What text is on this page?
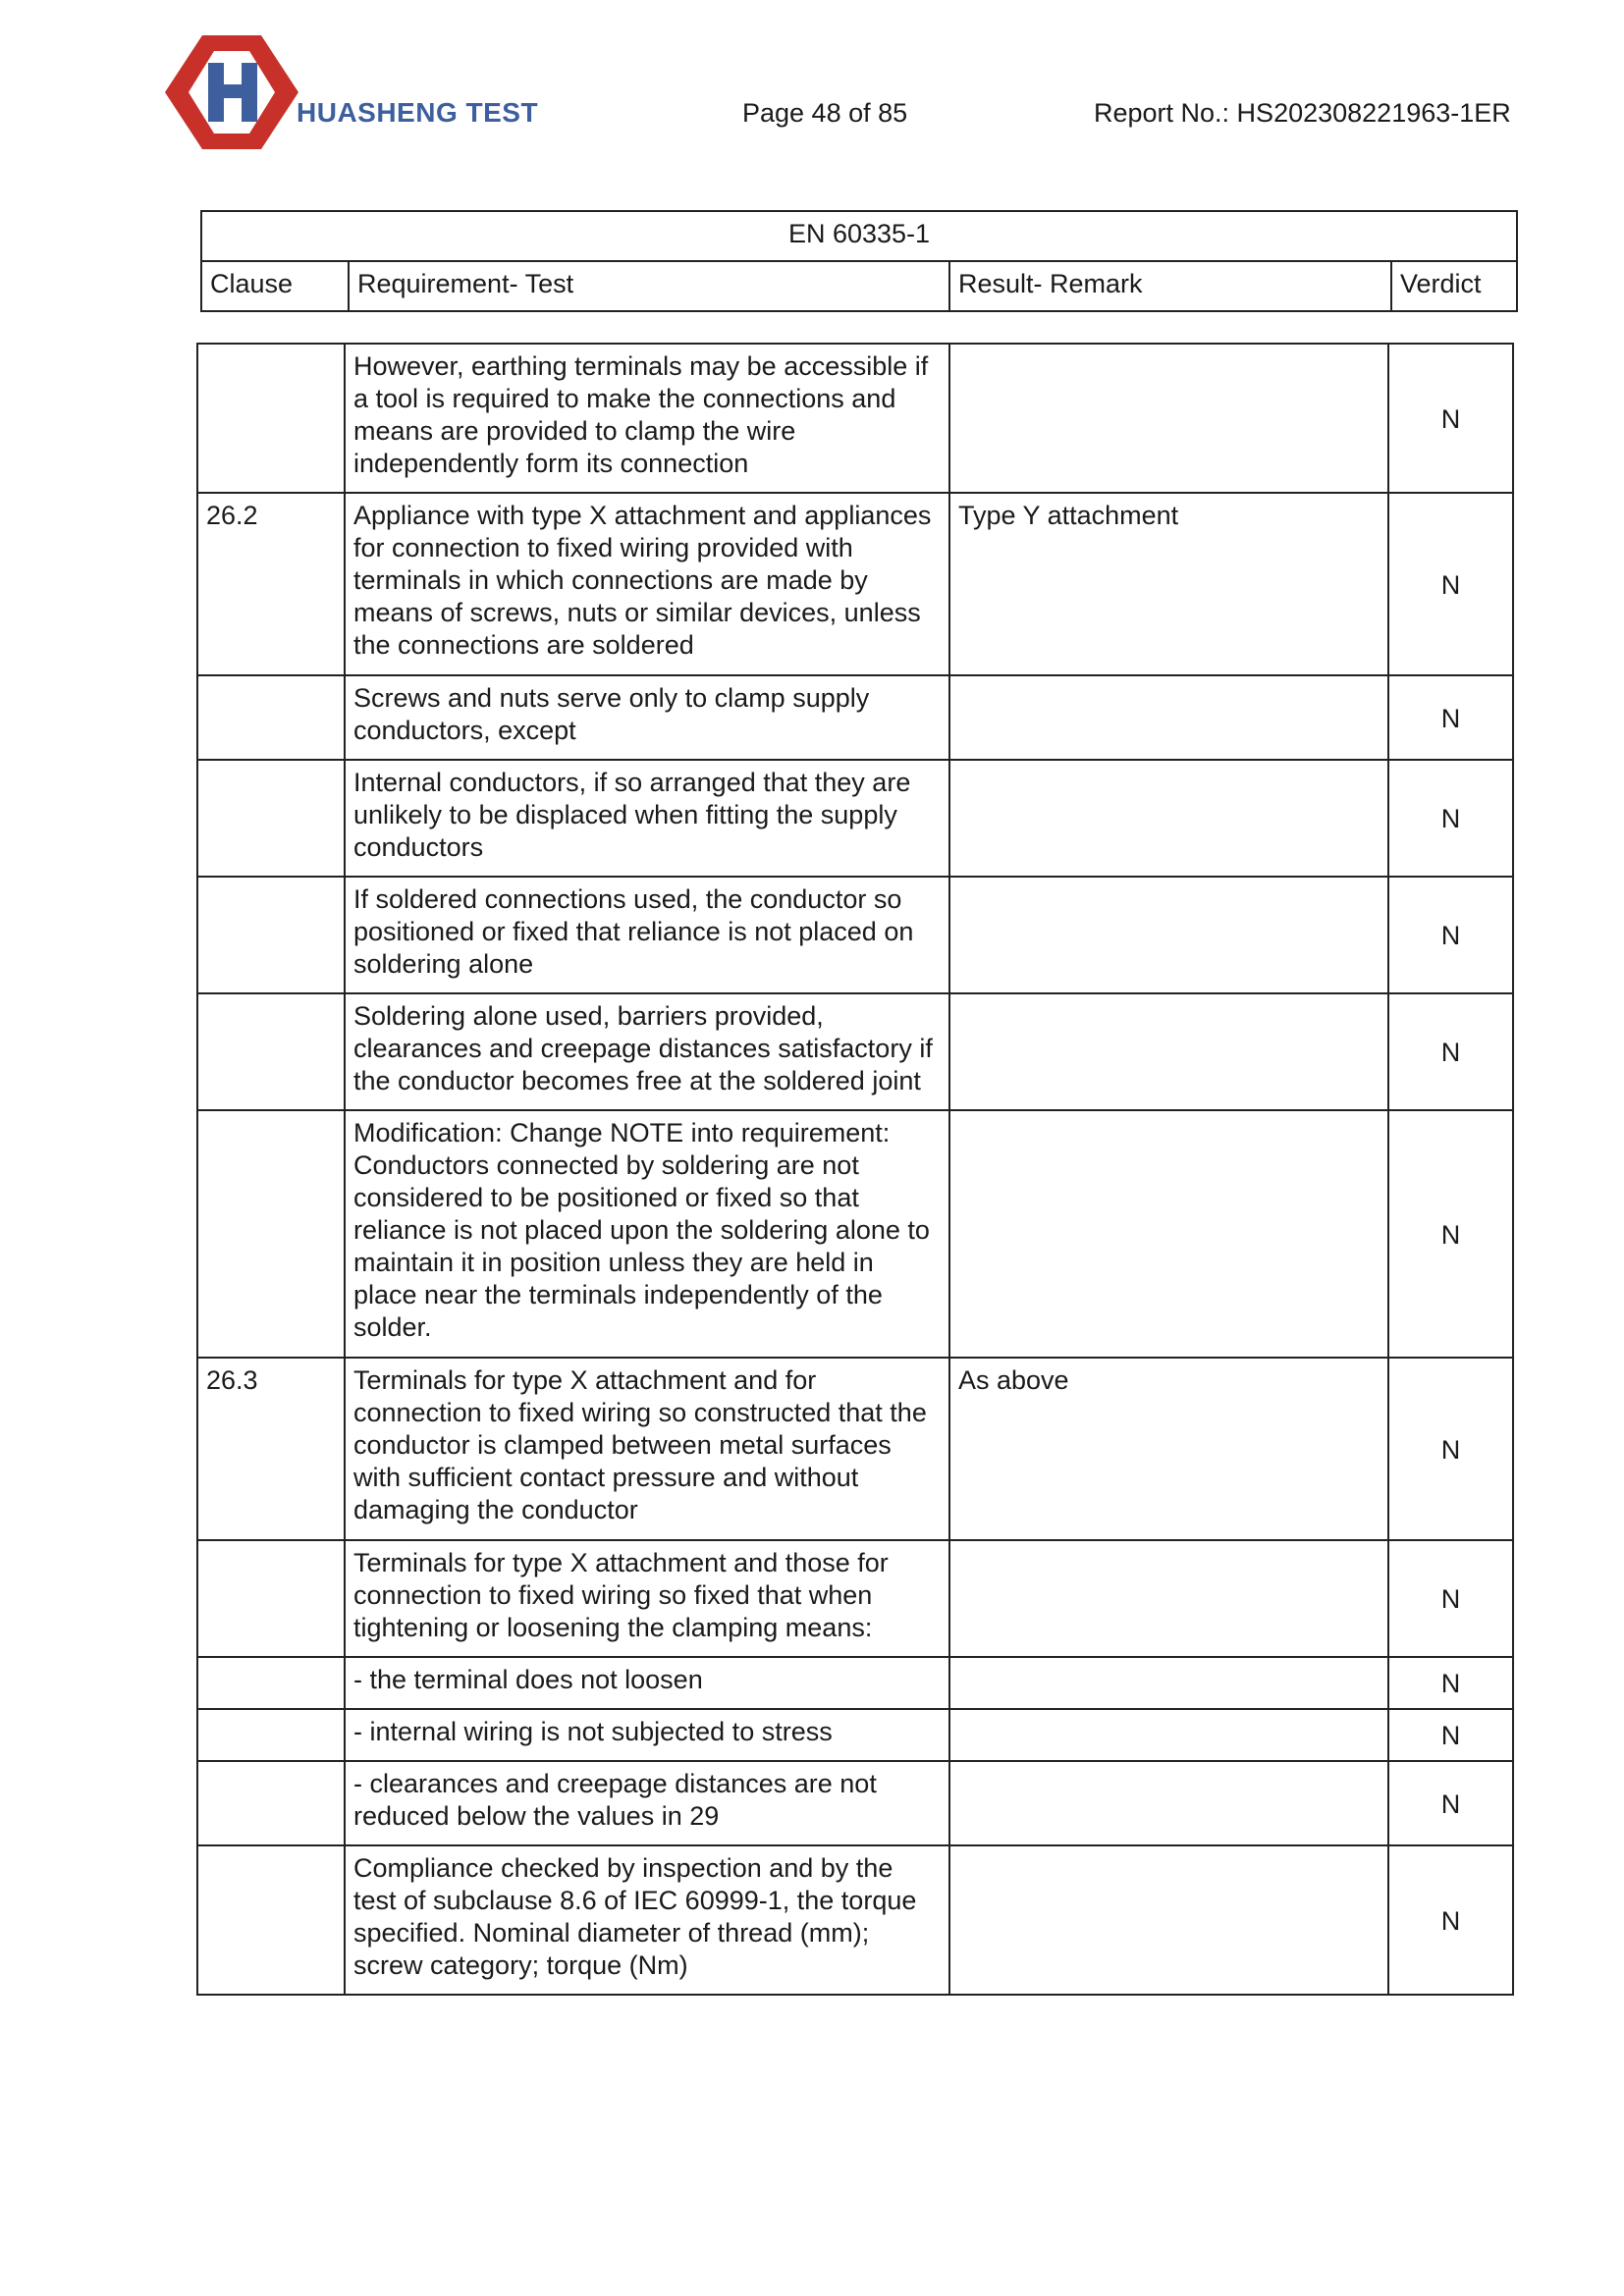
HUASHENG TEST	Page 48 of 85	Report No.: HS202308221963-1ER
EN 60335-1
Clause	Requirement- Test	Result- Remark	Verdict
	However, earthing terminals may be accessible if a tool is required to make the connections and means are provided to clamp the wire independently form its connection		N
26.2	Appliance with type X attachment and appliances for connection to fixed wiring provided with terminals in which connections are made by means of screws, nuts or similar devices, unless the connections are soldered	Type Y attachment	N
	Screws and nuts serve only to clamp supply conductors, except		N
	Internal conductors, if so arranged that they are unlikely to be displaced when fitting the supply conductors		N
	If soldered connections used, the conductor so positioned or fixed that reliance is not placed on soldering alone		N
	Soldering alone used, barriers provided, clearances and creepage distances satisfactory if the conductor becomes free at the soldered joint		N
	Modification: Change NOTE into requirement: Conductors connected by soldering are not considered to be positioned or fixed so that reliance is not placed upon the soldering alone to maintain it in position unless they are held in place near the terminals independently of the solder.		N
26.3	Terminals for type X attachment and for connection to fixed wiring so constructed that the conductor is clamped between metal surfaces with sufficient contact pressure and without damaging the conductor	As above	N
	Terminals for type X attachment and those for connection to fixed wiring so fixed that when tightening or loosening the clamping means:		N
	- the terminal does not loosen		N
	- internal wiring is not subjected to stress		N
	- clearances and creepage distances are not reduced below the values in 29		N
	Compliance checked by inspection and by the test of subclause 8.6 of IEC 60999-1, the torque specified. Nominal diameter of thread (mm); screw category; torque (Nm)		N
